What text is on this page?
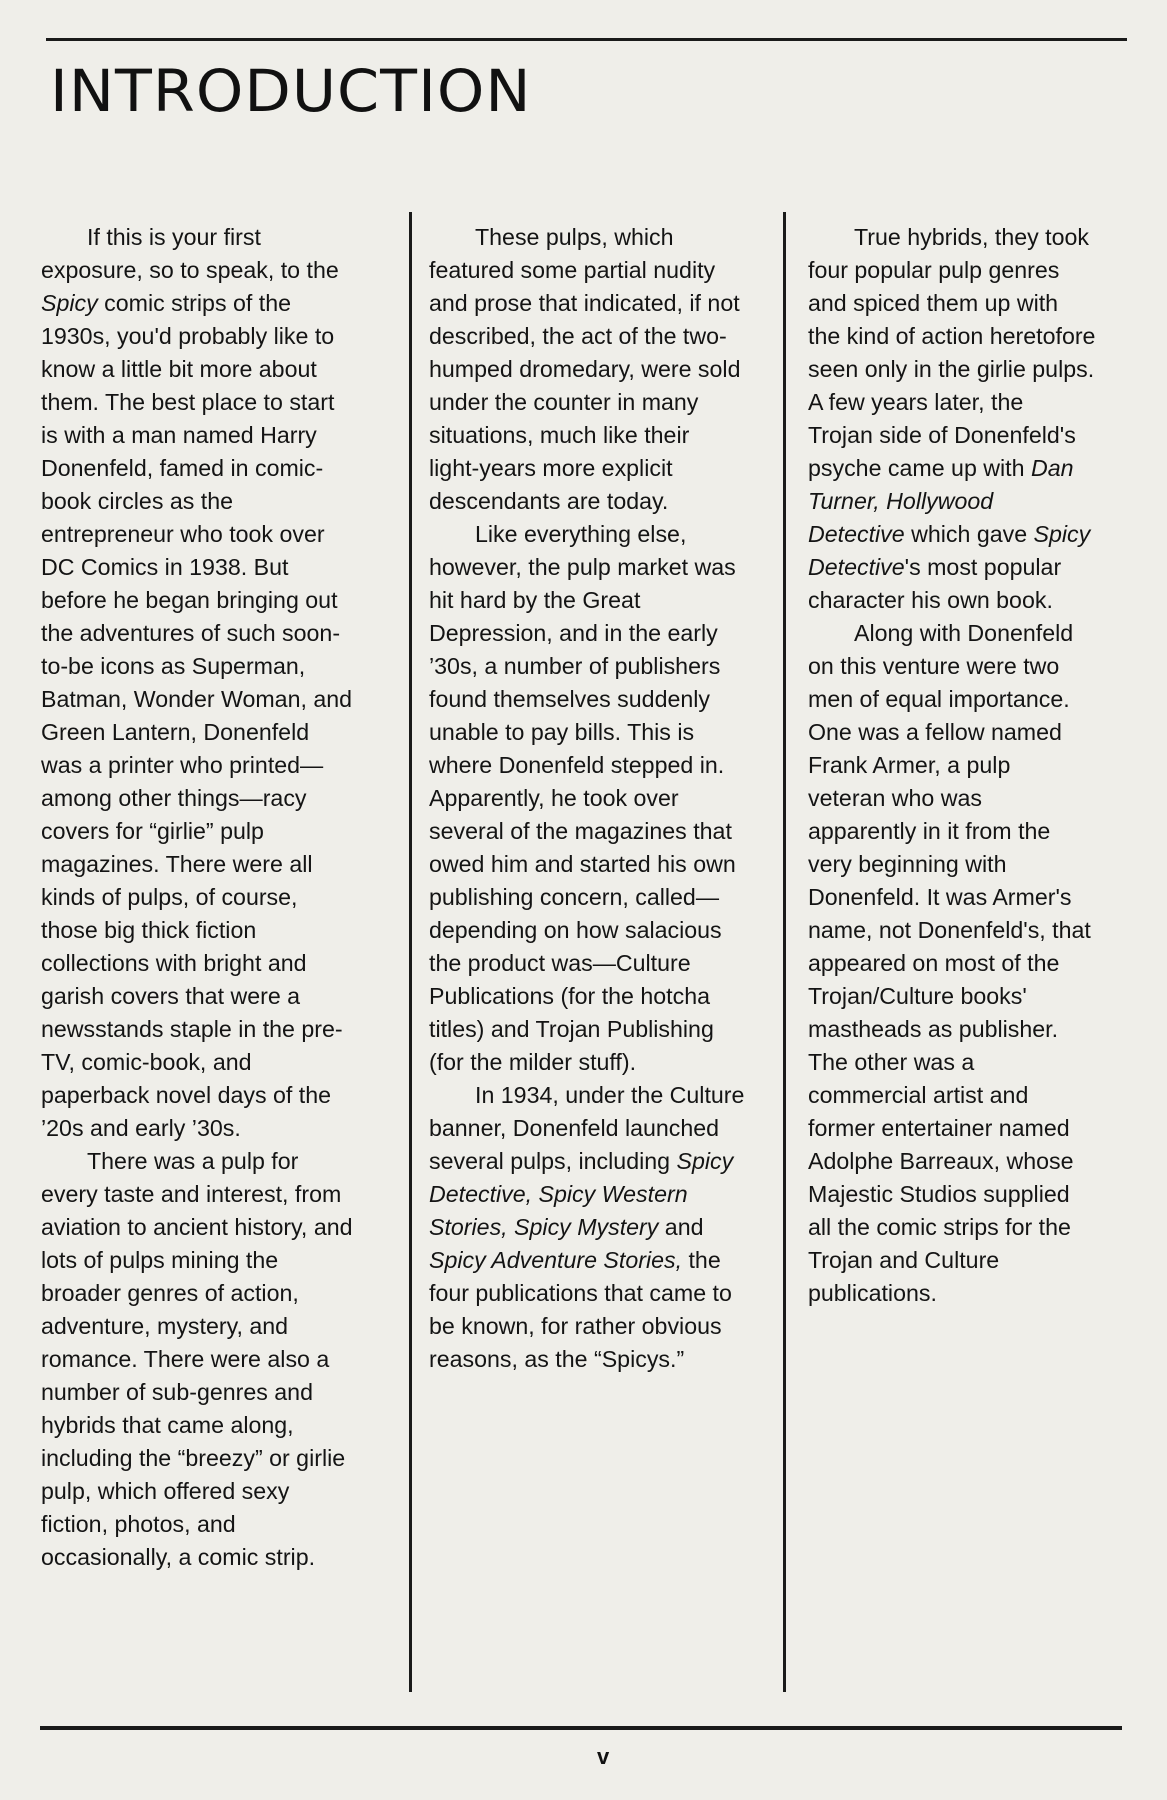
INTRODUCTION
If this is your first
exposure, so to speak, to the
Spicy comic strips of the
1930s, you'd probably like to
know a little bit more about
them. The best place to start
is with a man named Harry
Donenfeld, famed in comic-
book circles as the
entrepreneur who took over
DC Comics in 1938. But
before he began bringing out
the adventures of such soon-
to-be icons as Superman,
Batman, Wonder Woman, and
Green Lantern, Donenfeld
was a printer who printed—
among other things—racy
covers for “girlie” pulp
magazines. There were all
kinds of pulps, of course,
those big thick fiction
collections with bright and
garish covers that were a
newsstands staple in the pre-
TV, comic-book, and
paperback novel days of the
’20s and early ’30s.
There was a pulp for
every taste and interest, from
aviation to ancient history, and
lots of pulps mining the
broader genres of action,
adventure, mystery, and
romance. There were also a
number of sub-genres and
hybrids that came along,
including the “breezy” or girlie
pulp, which offered sexy
fiction, photos, and
occasionally, a comic strip.
These pulps, which
featured some partial nudity
and prose that indicated, if not
described, the act of the two-
humped dromedary, were sold
under the counter in many
situations, much like their
light-years more explicit
descendants are today.
Like everything else,
however, the pulp market was
hit hard by the Great
Depression, and in the early
’30s, a number of publishers
found themselves suddenly
unable to pay bills. This is
where Donenfeld stepped in.
Apparently, he took over
several of the magazines that
owed him and started his own
publishing concern, called—
depending on how salacious
the product was—Culture
Publications (for the hotcha
titles) and Trojan Publishing
(for the milder stuff).
In 1934, under the Culture
banner, Donenfeld launched
several pulps, including Spicy
Detective, Spicy Western
Stories, Spicy Mystery and
Spicy Adventure Stories, the
four publications that came to
be known, for rather obvious
reasons, as the “Spicys.”
True hybrids, they took
four popular pulp genres
and spiced them up with
the kind of action heretofore
seen only in the girlie pulps.
A few years later, the
Trojan side of Donenfeld's
psyche came up with Dan
Turner, Hollywood
Detective which gave Spicy
Detective's most popular
character his own book.
Along with Donenfeld
on this venture were two
men of equal importance.
One was a fellow named
Frank Armer, a pulp
veteran who was
apparently in it from the
very beginning with
Donenfeld. It was Armer's
name, not Donenfeld's, that
appeared on most of the
Trojan/Culture books'
mastheads as publisher.
The other was a
commercial artist and
former entertainer named
Adolphe Barreaux, whose
Majestic Studios supplied
all the comic strips for the
Trojan and Culture
publications.
v
